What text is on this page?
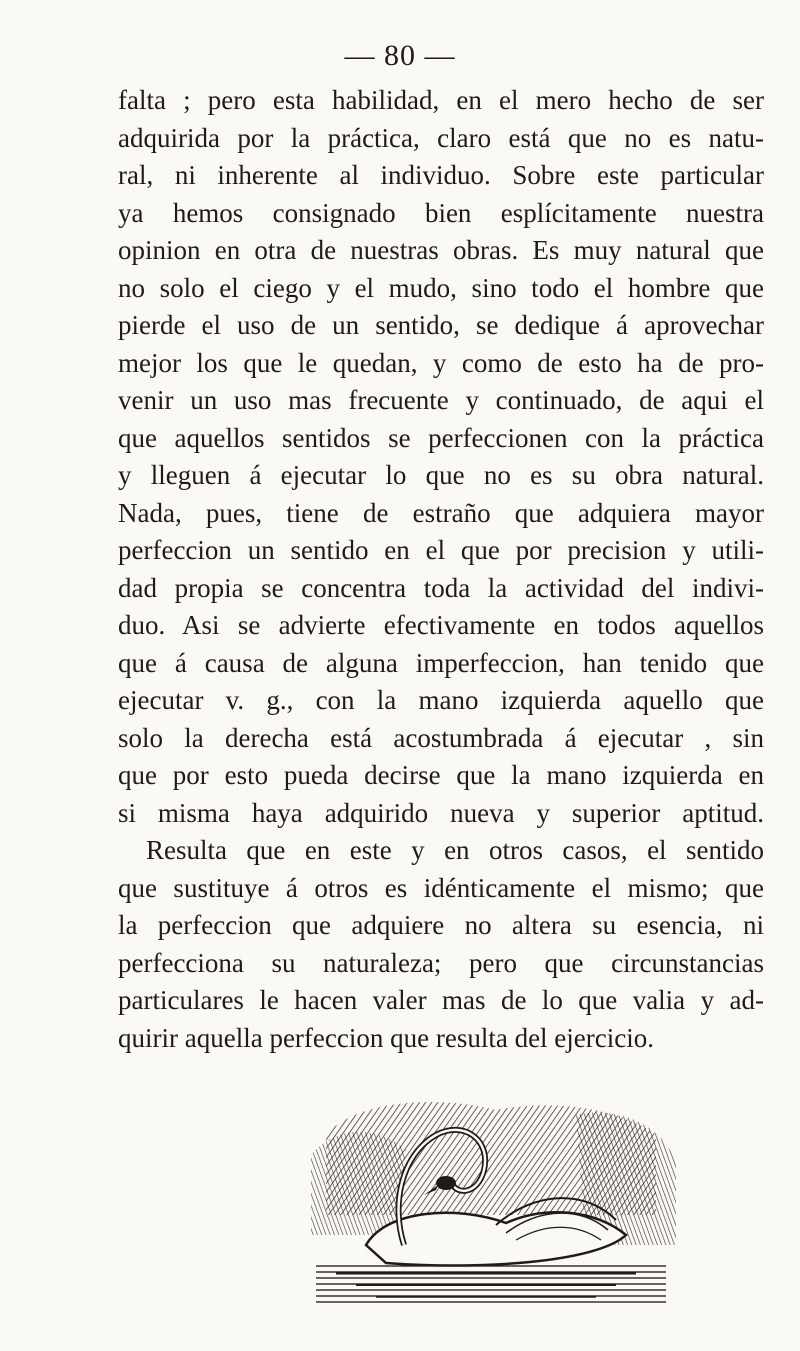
— 80 —
falta ; pero esta habilidad, en el mero hecho de ser
adquirida por la práctica, claro está que no es natu-
ral, ni inherente al individuo. Sobre este particular
ya hemos consignado bien esplícitamente nuestra
opinion en otra de nuestras obras. Es muy natural que
no solo el ciego y el mudo, sino todo el hombre que
pierde el uso de un sentido, se dedique á aprovechar
mejor los que le quedan, y como de esto ha de pro-
venir un uso mas frecuente y continuado, de aqui el
que aquellos sentidos se perfeccionen con la práctica
y lleguen á ejecutar lo que no es su obra natural.
Nada, pues, tiene de estraño que adquiera mayor
perfeccion un sentido en el que por precision y utili-
dad propia se concentra toda la actividad del indivi-
duo. Asi se advierte efectivamente en todos aquellos
que á causa de alguna imperfeccion, han tenido que
ejecutar v. g., con la mano izquierda aquello que
solo la derecha está acostumbrada á ejecutar , sin
que por esto pueda decirse que la mano izquierda en
si misma haya adquirido nueva y superior aptitud.
Resulta que en este y en otros casos, el sentido
que sustituye á otros es idénticamente el mismo; que
la perfeccion que adquiere no altera su esencia, ni
perfecciona su naturaleza; pero que circunstancias
particulares le hacen valer mas de lo que valia y ad-
quirir aquella perfeccion que resulta del ejercicio.
